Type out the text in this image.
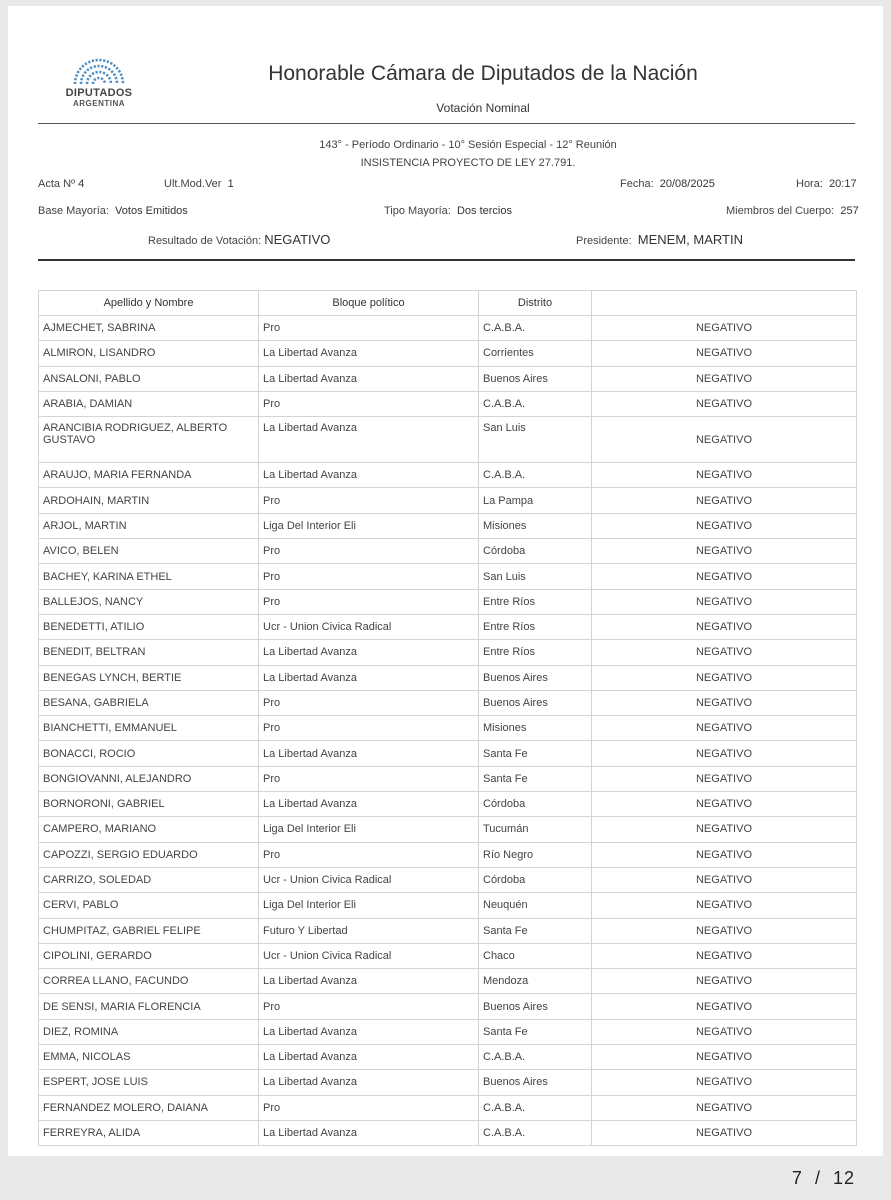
DIPUTADOS
ARGENTINA
Honorable Cámara de Diputados de la Nación
Votación Nominal
143° - Período Ordinario - 10° Sesión Especial - 12° Reunión
INSISTENCIA PROYECTO DE LEY 27.791.
Acta Nº 4	Ult.Mod.Ver 1	Fecha: 20/08/2025	Hora: 20:17
Base Mayoría: Votos Emitidos	Tipo Mayoría: Dos tercios	Miembros del Cuerpo: 257
Resultado de Votación: NEGATIVO	Presidente: MENEM, MARTIN
Apellido y Nombre	Bloque político	Distrito	
AJMECHET, SABRINA	Pro	C.A.B.A.	NEGATIVO
ALMIRON, LISANDRO	La Libertad Avanza	Corrientes	NEGATIVO
ANSALONI, PABLO	La Libertad Avanza	Buenos Aires	NEGATIVO
ARABIA, DAMIAN	Pro	C.A.B.A.	NEGATIVO
ARANCIBIA RODRIGUEZ, ALBERTO GUSTAVO	La Libertad Avanza	San Luis	NEGATIVO
ARAUJO, MARIA FERNANDA	La Libertad Avanza	C.A.B.A.	NEGATIVO
ARDOHAIN, MARTIN	Pro	La Pampa	NEGATIVO
ARJOL, MARTIN	Liga Del Interior Eli	Misiones	NEGATIVO
AVICO, BELEN	Pro	Córdoba	NEGATIVO
BACHEY, KARINA ETHEL	Pro	San Luis	NEGATIVO
BALLEJOS, NANCY	Pro	Entre Ríos	NEGATIVO
BENEDETTI, ATILIO	Ucr - Union Civica Radical	Entre Ríos	NEGATIVO
BENEDIT, BELTRAN	La Libertad Avanza	Entre Ríos	NEGATIVO
BENEGAS LYNCH, BERTIE	La Libertad Avanza	Buenos Aires	NEGATIVO
BESANA, GABRIELA	Pro	Buenos Aires	NEGATIVO
BIANCHETTI, EMMANUEL	Pro	Misiones	NEGATIVO
BONACCI, ROCIO	La Libertad Avanza	Santa Fe	NEGATIVO
BONGIOVANNI, ALEJANDRO	Pro	Santa Fe	NEGATIVO
BORNORONI, GABRIEL	La Libertad Avanza	Córdoba	NEGATIVO
CAMPERO, MARIANO	Liga Del Interior Eli	Tucumán	NEGATIVO
CAPOZZI, SERGIO EDUARDO	Pro	Río Negro	NEGATIVO
CARRIZO, SOLEDAD	Ucr - Union Civica Radical	Córdoba	NEGATIVO
CERVI, PABLO	Liga Del Interior Eli	Neuquén	NEGATIVO
CHUMPITAZ, GABRIEL FELIPE	Futuro Y Libertad	Santa Fe	NEGATIVO
CIPOLINI, GERARDO	Ucr - Union Civica Radical	Chaco	NEGATIVO
CORREA LLANO, FACUNDO	La Libertad Avanza	Mendoza	NEGATIVO
DE SENSI, MARIA FLORENCIA	Pro	Buenos Aires	NEGATIVO
DIEZ, ROMINA	La Libertad Avanza	Santa Fe	NEGATIVO
EMMA, NICOLAS	La Libertad Avanza	C.A.B.A.	NEGATIVO
ESPERT, JOSE LUIS	La Libertad Avanza	Buenos Aires	NEGATIVO
FERNANDEZ MOLERO, DAIANA	Pro	C.A.B.A.	NEGATIVO
FERREYRA, ALIDA	La Libertad Avanza	C.A.B.A.	NEGATIVO
7 / 12
